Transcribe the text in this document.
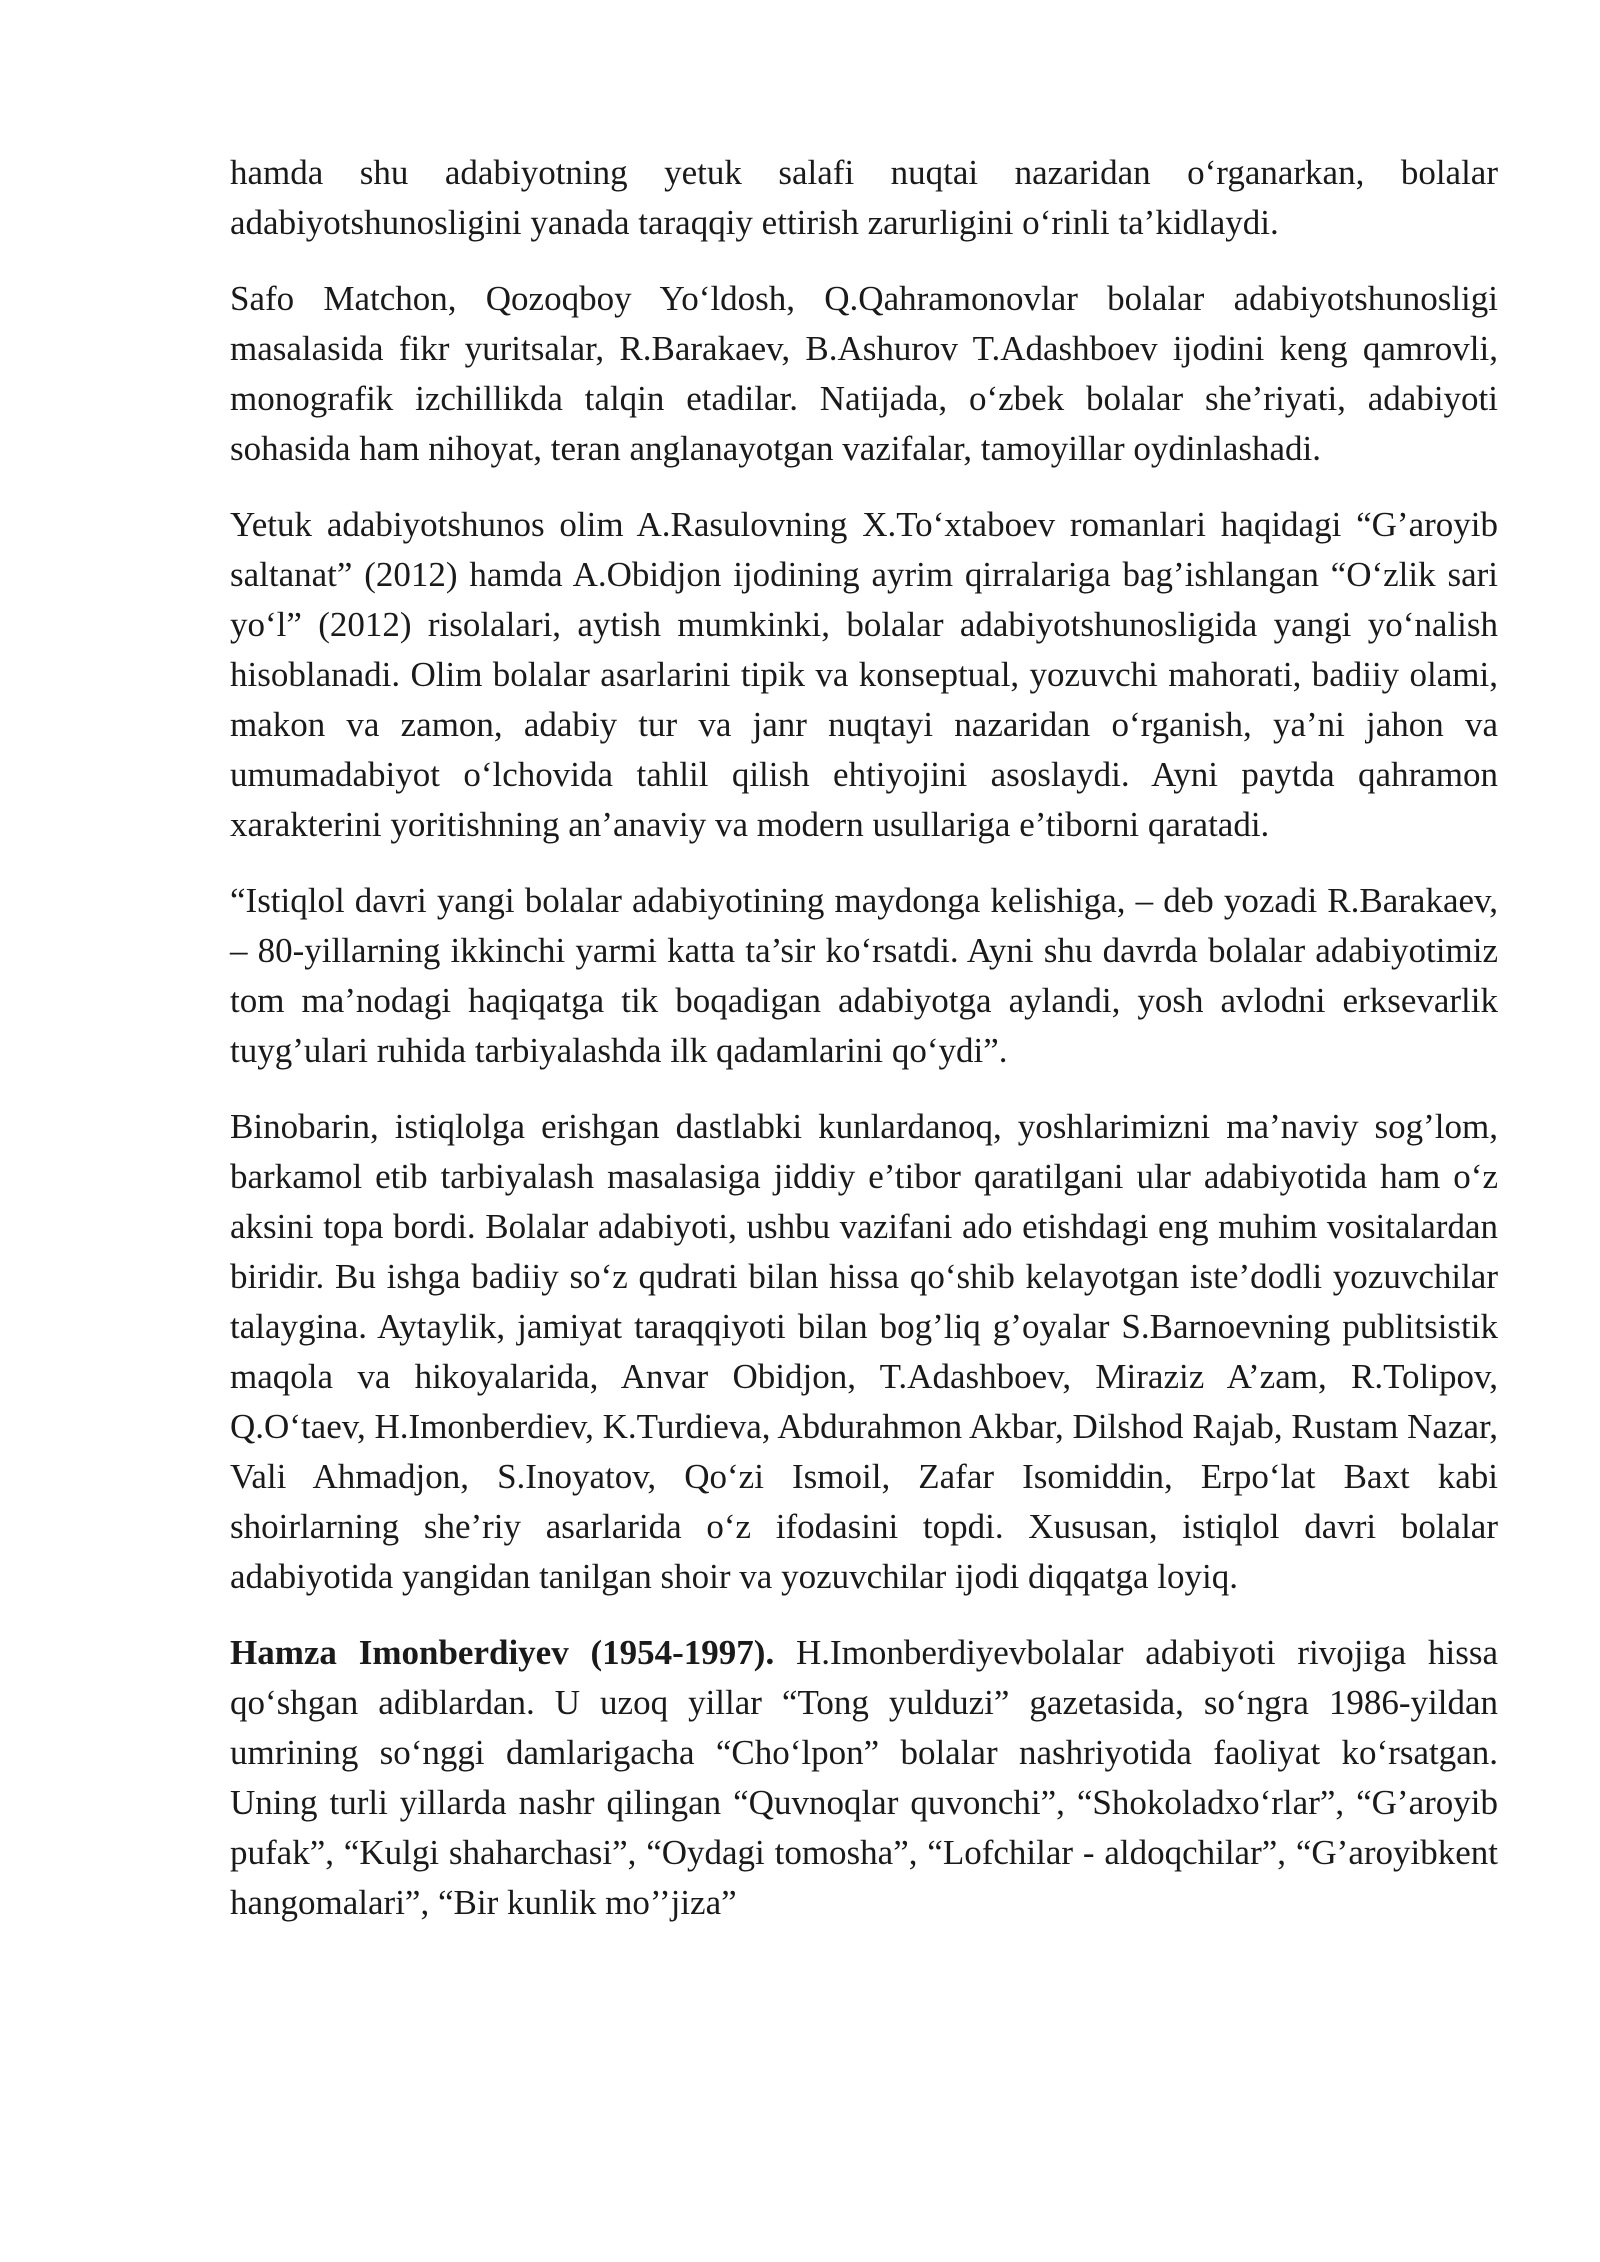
hamda shu adabiyotning yetuk salafi nuqtai nazaridan o‘rganarkan, bolalar adabiyotshunosligini yanada taraqqiy ettirish zarurligini o‘rinli ta’kidlaydi.

Safo Matchon, Qozoqboy Yo‘ldosh, Q.Qahramonovlar bolalar adabiyotshunosligi masalasida fikr yuritsalar, R.Barakaev, B.Ashurov T.Adashboev ijodini keng qamrovli, monografik izchillikda talqin etadilar. Natijada, o‘zbek bolalar she’riyati, adabiyoti sohasida ham nihoyat, teran anglanayotgan vazifalar, tamoyillar oydinlashadi.

Yetuk adabiyotshunos olim A.Rasulovning X.To‘xtaboev romanlari haqidagi “G’aroyib saltanat” (2012) hamda A.Obidjon ijodining ayrim qirralariga bag’ishlangan “O‘zlik sari yo‘l” (2012) risolalari, aytish mumkinki, bolalar adabiyotshunosligida yangi yo‘nalish hisoblanadi. Olim bolalar asarlarini tipik va konseptual, yozuvchi mahorati, badiiy olami, makon va zamon, adabiy tur va janr nuqtayi nazaridan o‘rganish, ya’ni jahon va umumadabiyot o‘lchovida tahlil qilish ehtiyojini asoslaydi. Ayni paytda qahramon xarakterini yoritishning an’anaviy va modern usullariga e’tiborni qaratadi.

“Istiqlol davri yangi bolalar adabiyotining maydonga kelishiga, – deb yozadi R.Barakaev, – 80-yillarning ikkinchi yarmi katta ta’sir ko‘rsatdi. Ayni shu davrda bolalar adabiyotimiz tom ma’nodagi haqiqatga tik boqadigan adabiyotga aylandi, yosh avlodni erksevarlik tuyg’ulari ruhida tarbiyalashda ilk qadamlarini qo‘ydi”.

Binobarin, istiqlolga erishgan dastlabki kunlardanoq, yoshlarimizni ma’naviy sog’lom, barkamol etib tarbiyalash masalasiga jiddiy e’tibor qaratilgani ular adabiyotida ham o‘z aksini topa bordi. Bolalar adabiyoti, ushbu vazifani ado etishdagi eng muhim vositalardan biridir. Bu ishga badiiy so‘z qudrati bilan hissa qo‘shib kelayotgan iste’dodli yozuvchilar talaygina. Aytaylik, jamiyat taraqqiyoti bilan bog’liq g’oyalar S.Barnoevning publitsistik maqola va hikoyalarida, Anvar Obidjon, T.Adashboev, Miraziz A’zam, R.Tolipov, Q.O‘taev, H.Imonberdiev, K.Turdieva, Abdurahmon Akbar, Dilshod Rajab, Rustam Nazar, Vali Ahmadjon, S.Inoyatov, Qo‘zi Ismoil, Zafar Isomiddin, Erpo‘lat Baxt kabi shoirlarning she’riy asarlarida o‘z ifodasini topdi. Xususan, istiqlol davri bolalar adabiyotida yangidan tanilgan shoir va yozuvchilar ijodi diqqatga loyiq.

Hamza Imonberdiyev (1954-1997). H.Imonberdiyevbolalar adabiyoti rivojiga hissa qo‘shgan adiblardan. U uzoq yillar “Tong yulduzi” gazetasida, so‘ngra 1986-yildan umrining so‘nggi damlarigacha “Cho‘lpon” bolalar nashriyotida faoliyat ko‘rsatgan. Uning turli yillarda nashr qilingan “Quvnoqlar quvonchi”, “Shokoladxo‘rlar”, “G’aroyib pufak”, “Kulgi shaharchasi”, “Oydagi tomosha”, “Lofchilar - aldoqchilar”, “G’aroyibkent hangomalari”, “Bir kunlik mo’’jiza”
